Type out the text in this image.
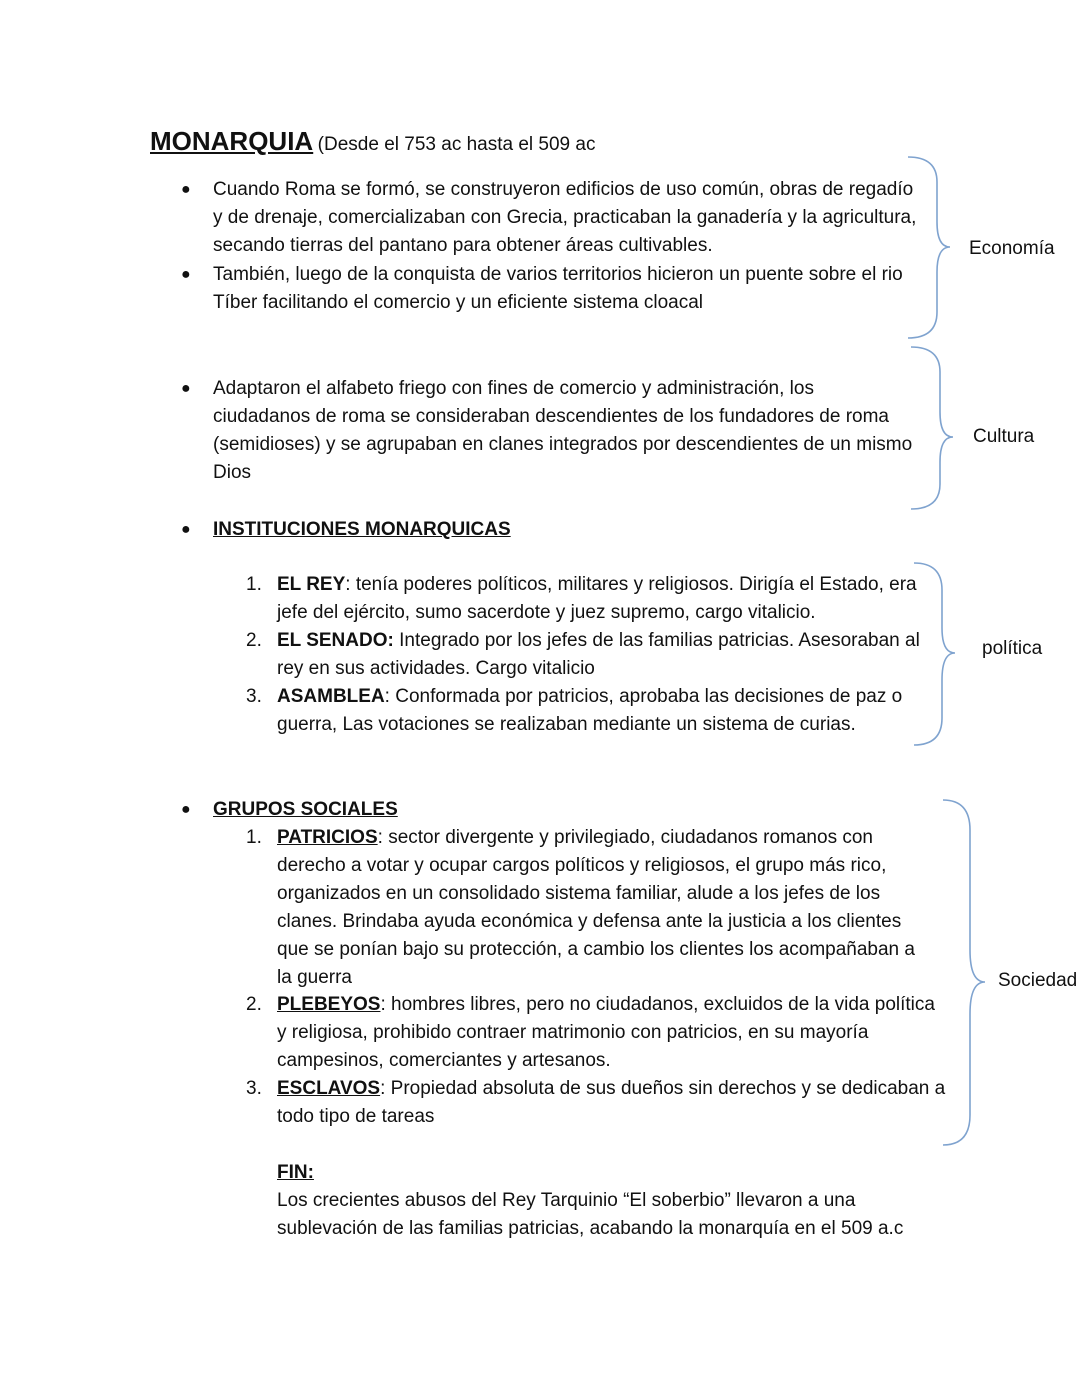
MONARQUIA (Desde el 753 ac hasta el 509 ac
● Cuando Roma se formó, se construyeron edificios de uso común, obras de regadío
y de drenaje, comercializaban con Grecia, practicaban la ganadería y la agricultura,
secando tierras del pantano para obtener áreas cultivables.
● También, luego de la conquista de varios territorios hicieron un puente sobre el rio
Tíber facilitando el comercio y un eficiente sistema cloacal
● Adaptaron el alfabeto friego con fines de comercio y administración, los
ciudadanos de roma se consideraban descendientes de los fundadores de roma
(semidioses) y se agrupaban en clanes integrados por descendientes de un mismo
Dios
● INSTITUCIONES MONARQUICAS
1. EL REY: tenía poderes políticos, militares y religiosos. Dirigía el Estado, era
jefe del ejército, sumo sacerdote y juez supremo, cargo vitalicio.
2. EL SENADO: Integrado por los jefes de las familias patricias. Asesoraban al
rey en sus actividades. Cargo vitalicio
3. ASAMBLEA: Conformada por patricios, aprobaba las decisiones de paz o
guerra, Las votaciones se realizaban mediante un sistema de curias.
● GRUPOS SOCIALES
1. PATRICIOS: sector divergente y privilegiado, ciudadanos romanos con
derecho a votar y ocupar cargos políticos y religiosos, el grupo más rico,
organizados en un consolidado sistema familiar, alude a los jefes de los
clanes. Brindaba ayuda económica y defensa ante la justicia a los clientes
que se ponían bajo su protección, a cambio los clientes los acompañaban a
la guerra
2. PLEBEYOS: hombres libres, pero no ciudadanos, excluidos de la vida política
y religiosa, prohibido contraer matrimonio con patricios, en su mayoría
campesinos, comerciantes y artesanos.
3. ESCLAVOS: Propiedad absoluta de sus dueños sin derechos y se dedicaban a
todo tipo de tareas
FIN:
Los crecientes abusos del Rey Tarquinio “El soberbio” llevaron a una
sublevación de las familias patricias, acabando la monarquía en el 509 a.c
Economía
Cultura
política
Sociedad
